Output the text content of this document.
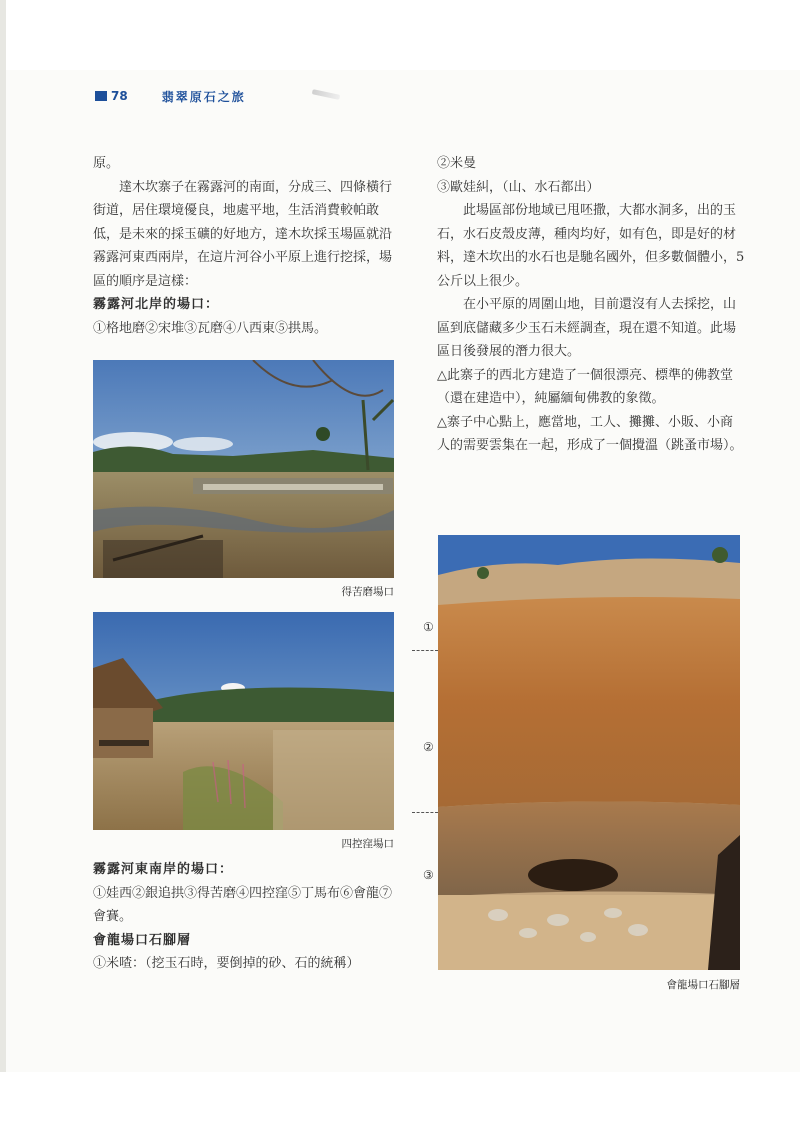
78	翡翠原石之旅

原。

達木坎寨子在霧露河的南面，分成三、四條橫行街道，居住環境優良，地處平地，生活消費較帕敢低，是未來的採玉礦的好地方，達木坎採玉場區就沿霧露河東西兩岸，在這片河谷小平原上進行挖採，場區的順序是這樣：

霧露河北岸的場口：

①格地磨②宋堆③瓦磨④八西東⑤拱馬。

得苦磨場口
四控窪場口

霧露河東南岸的場口：

①娃西②銀追拱③得苦磨④四控窪⑤丁馬布⑥會龍⑦會賽。

會龍場口石腳層

①米喳：（挖玉石時，要倒掉的砂、石的統稱）

②米曼

③歐娃糾，（山、水石都出）

此場區部份地域已甩呸撒，大都水洞多，出的玉石，水石皮殼皮薄，種肉均好，如有色，即是好的材料，達木坎出的水石也是馳名國外，但多數個體小，5公斤以上很少。

在小平原的周圍山地，目前還沒有人去採挖，山區到底儲藏多少玉石未經調查，現在還不知道。此場區日後發展的潛力很大。

△此寨子的西北方建造了一個很漂亮、標準的佛教堂（還在建造中），純屬緬甸佛教的象徵。

△寨子中心點上，應當地，工人、攤攤、小販、小商人的需要雲集在一起，形成了一個攪溫（跳蚤市場）。

會龍場口石腳層
①
②
③
